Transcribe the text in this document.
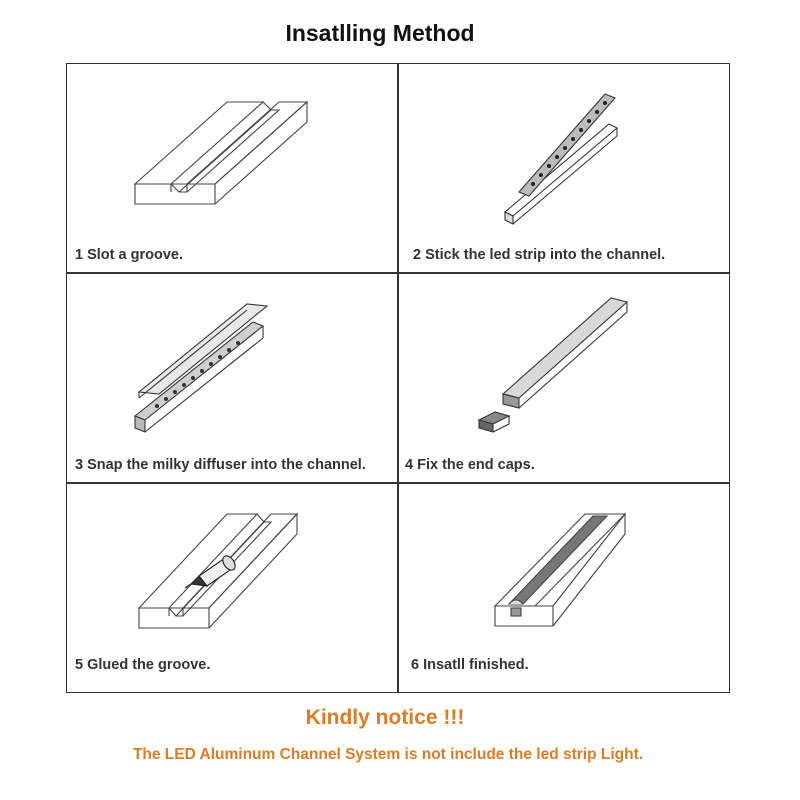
Insatlling Method
1 Slot a groove.	2 Stick the led strip into the channel.
3 Snap the milky diffuser into the channel.	4 Fix the end caps.
5 Glued the groove.	6 Insatll finished.
Kindly notice !!!
The LED Aluminum Channel System is not include the led strip Light.
